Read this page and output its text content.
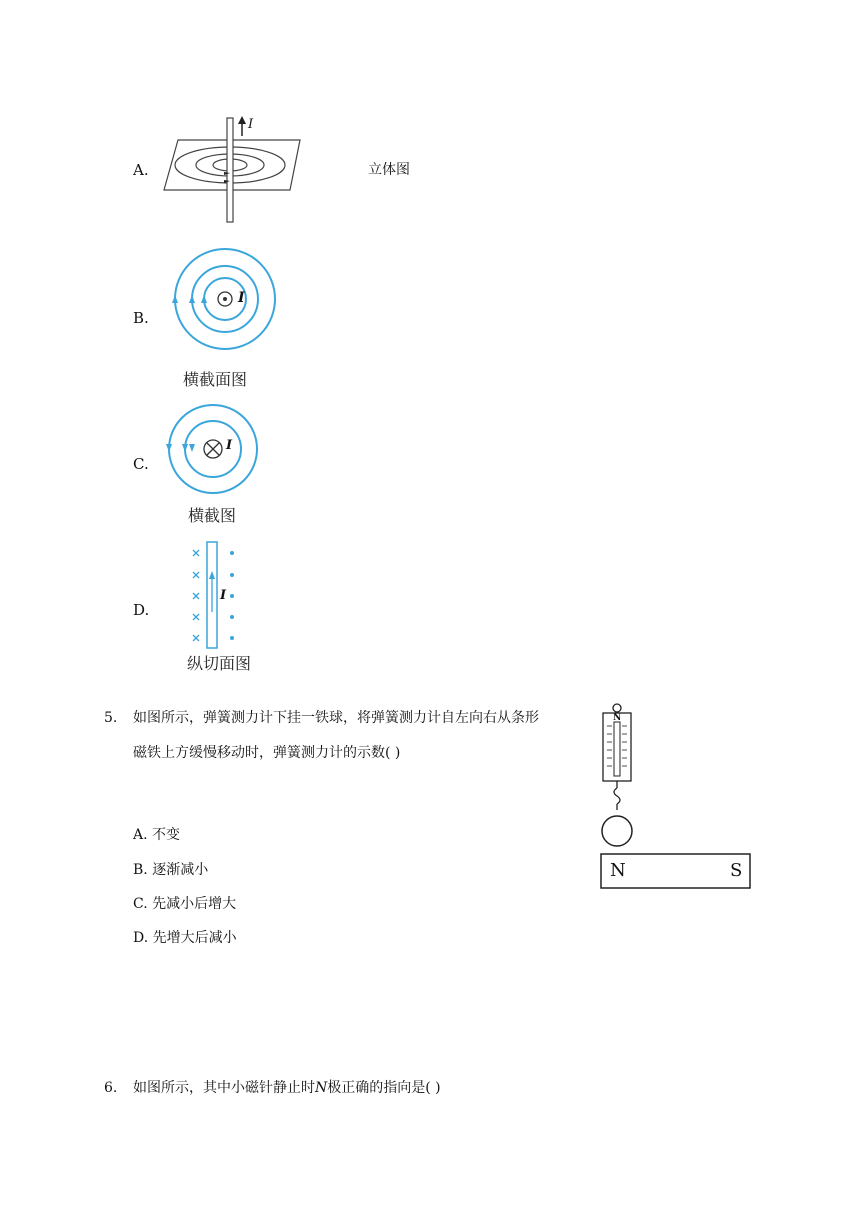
A.
I
立体图
B.
I
横截面图
C.
I
横截图
D.
I
纵切面图
5. 如图所示，弹簧测力计下挂一铁球，将弹簧测力计自左向右从条形
磁铁上方缓慢移动时，弹簧测力计的示数( )
A. 不变
B. 逐渐减小
C. 先减小后增大
D. 先增大后减小
N
N	S
6. 如图所示，其中小磁针静止时N极正确的指向是( )
